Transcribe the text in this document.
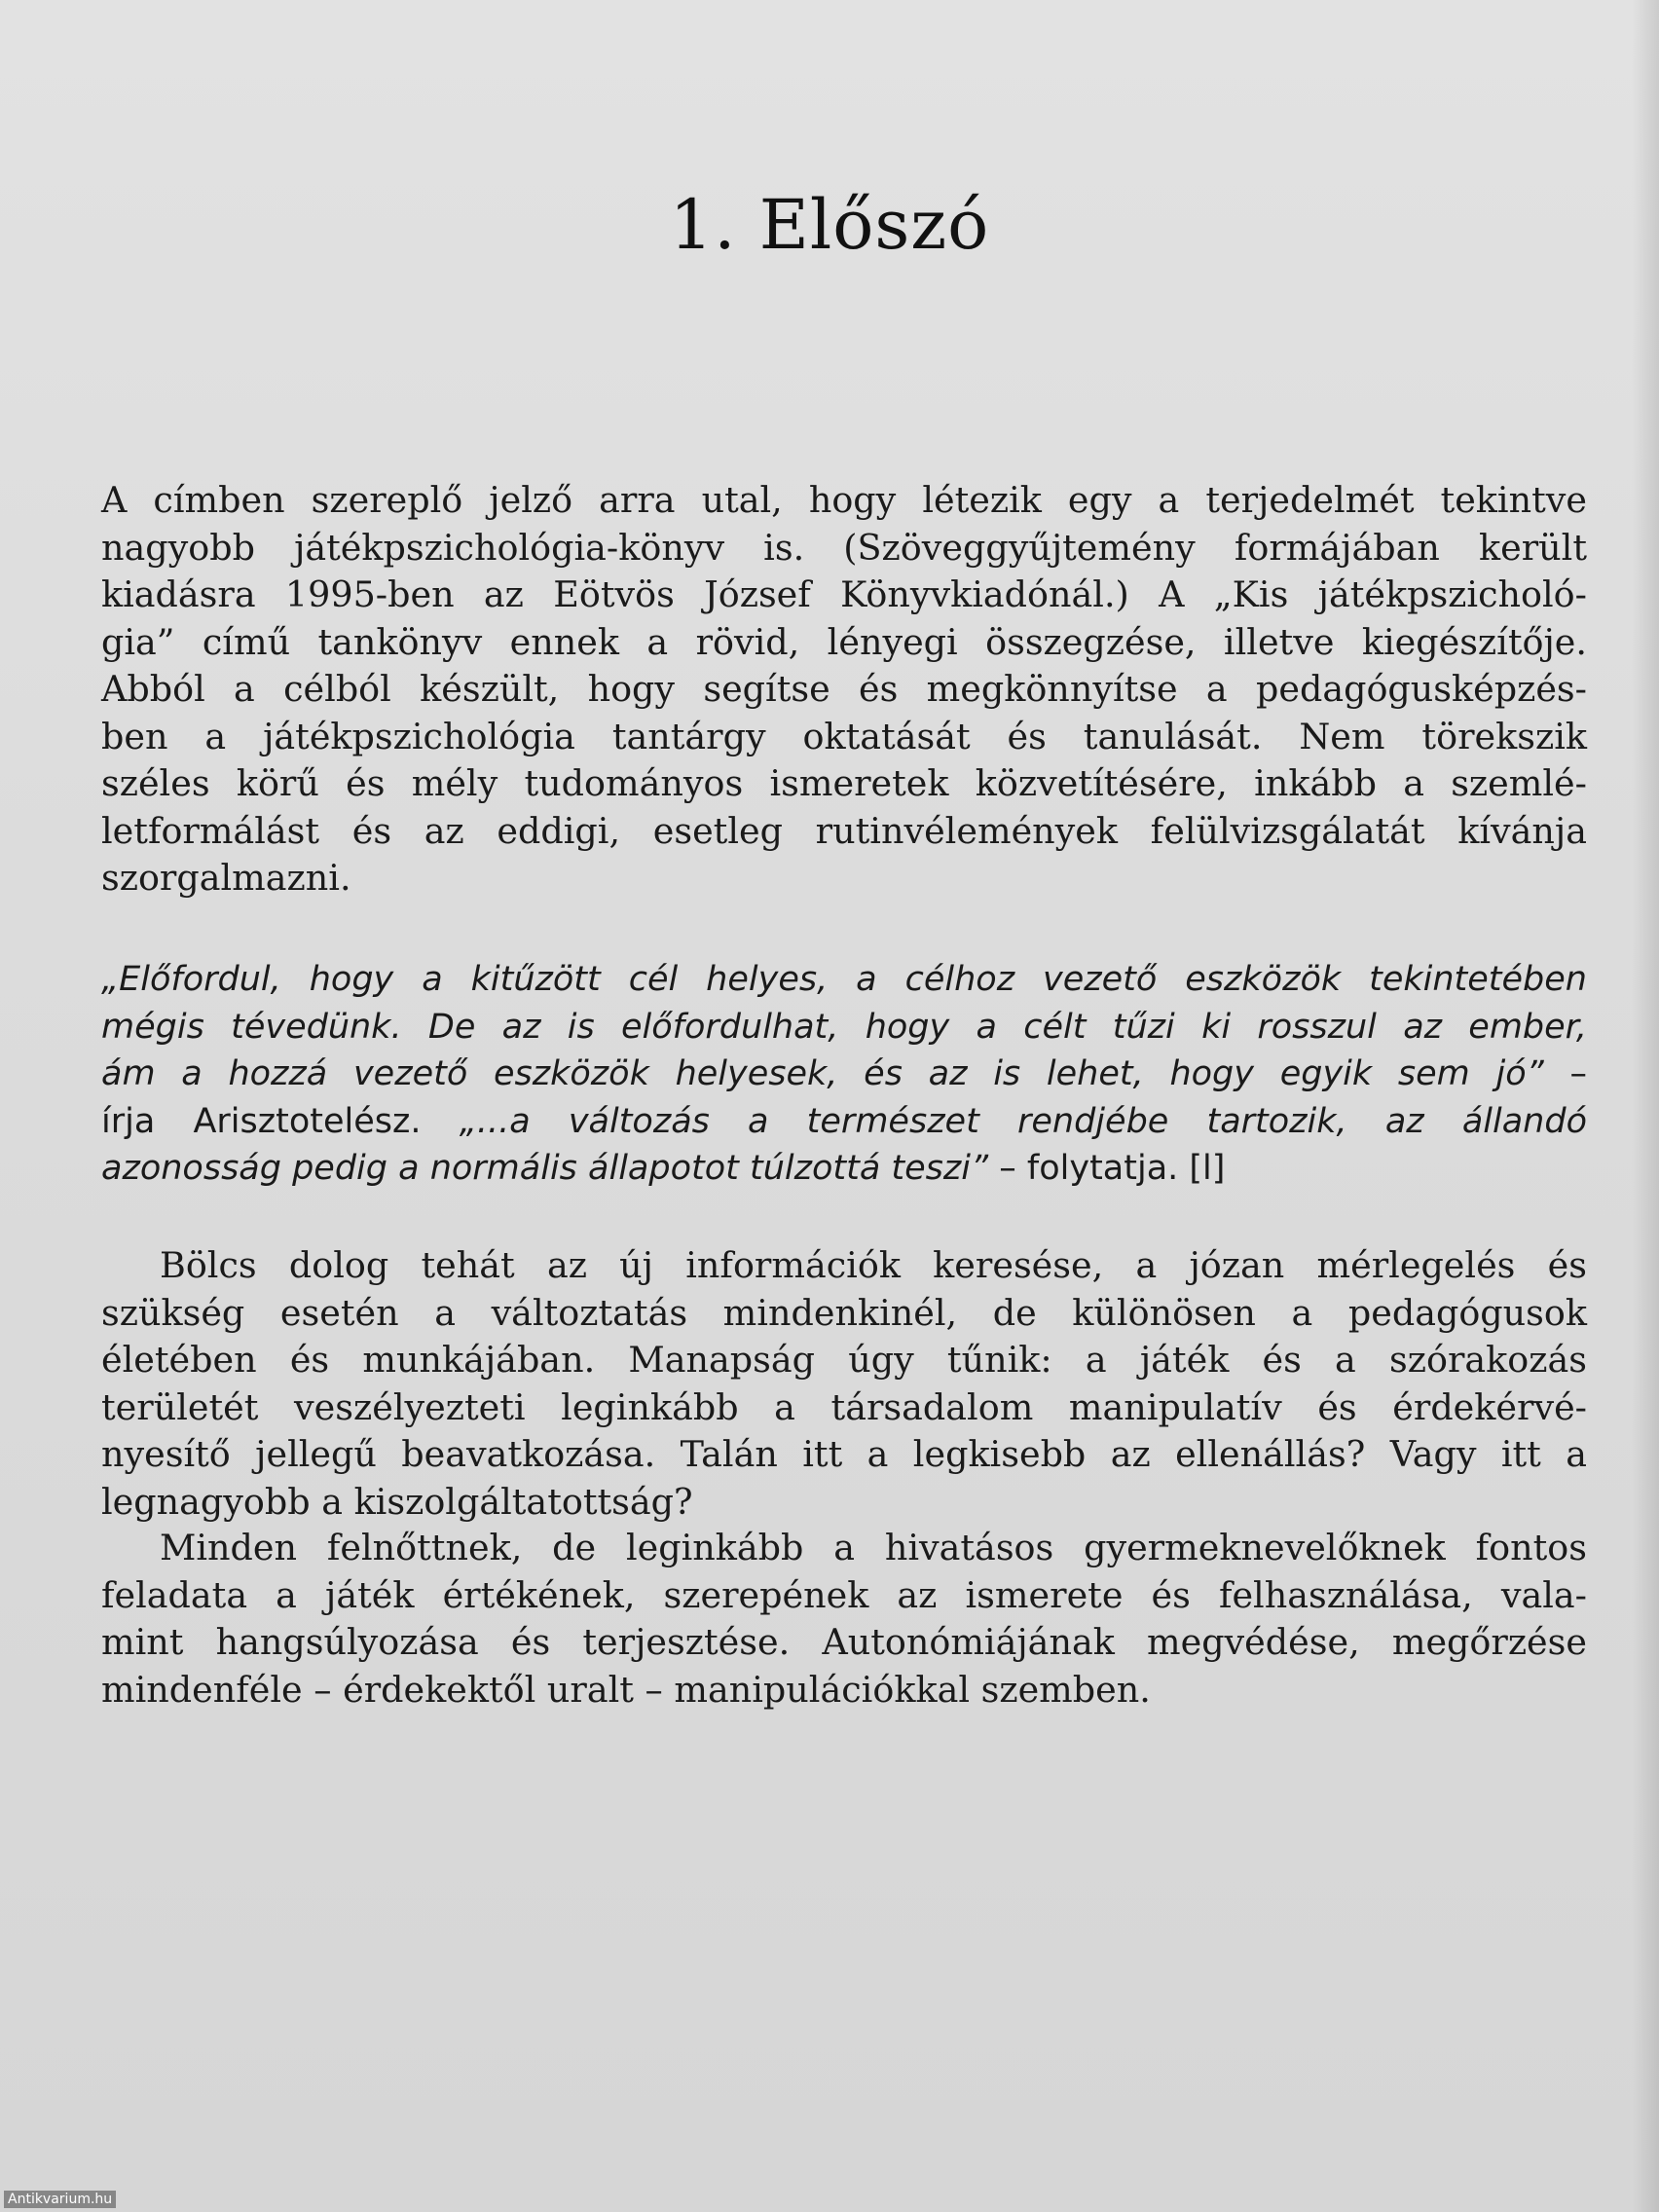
1. Előszó

A címben szereplő jelző arra utal, hogy létezik egy a terjedelmét tekintve
nagyobb játékpszichológia-könyv is. (Szöveggyűjtemény formájában került
kiadásra 1995-ben az Eötvös József Könyvkiadónál.) A „Kis játékpszicholó-
gia” című tankönyv ennek a rövid, lényegi összegzése, illetve kiegészítője.
Abból a célból készült, hogy segítse és megkönnyítse a pedagógusképzés-
ben a játékpszichológia tantárgy oktatását és tanulását. Nem törekszik
széles körű és mély tudományos ismeretek közvetítésére, inkább a szemlé-
letformálást és az eddigi, esetleg rutinvélemények felülvizsgálatát kívánja
szorgalmazni.

„Előfordul, hogy a kitűzött cél helyes, a célhoz vezető eszközök tekintetében
mégis tévedünk. De az is előfordulhat, hogy a célt tűzi ki rosszul az ember,
ám a hozzá vezető eszközök helyesek, és az is lehet, hogy egyik sem jó” –
írja Arisztotelész. „...a változás a természet rendjébe tartozik, az állandó
azonosság pedig a normális állapotot túlzottá teszi” – folytatja. [l]

Bölcs dolog tehát az új információk keresése, a józan mérlegelés és
szükség esetén a változtatás mindenkinél, de különösen a pedagógusok
életében és munkájában. Manapság úgy tűnik: a játék és a szórakozás
területét veszélyezteti leginkább a társadalom manipulatív és érdekérvé-
nyesítő jellegű beavatkozása. Talán itt a legkisebb az ellenállás? Vagy itt a
legnagyobb a kiszolgáltatottság?

Minden felnőttnek, de leginkább a hivatásos gyermeknevelőknek fontos
feladata a játék értékének, szerepének az ismerete és felhasználása, vala-
mint hangsúlyozása és terjesztése. Autonómiájának megvédése, megőrzése
mindenféle – érdekektől uralt – manipulációkkal szemben.

Antikvarium.hu
